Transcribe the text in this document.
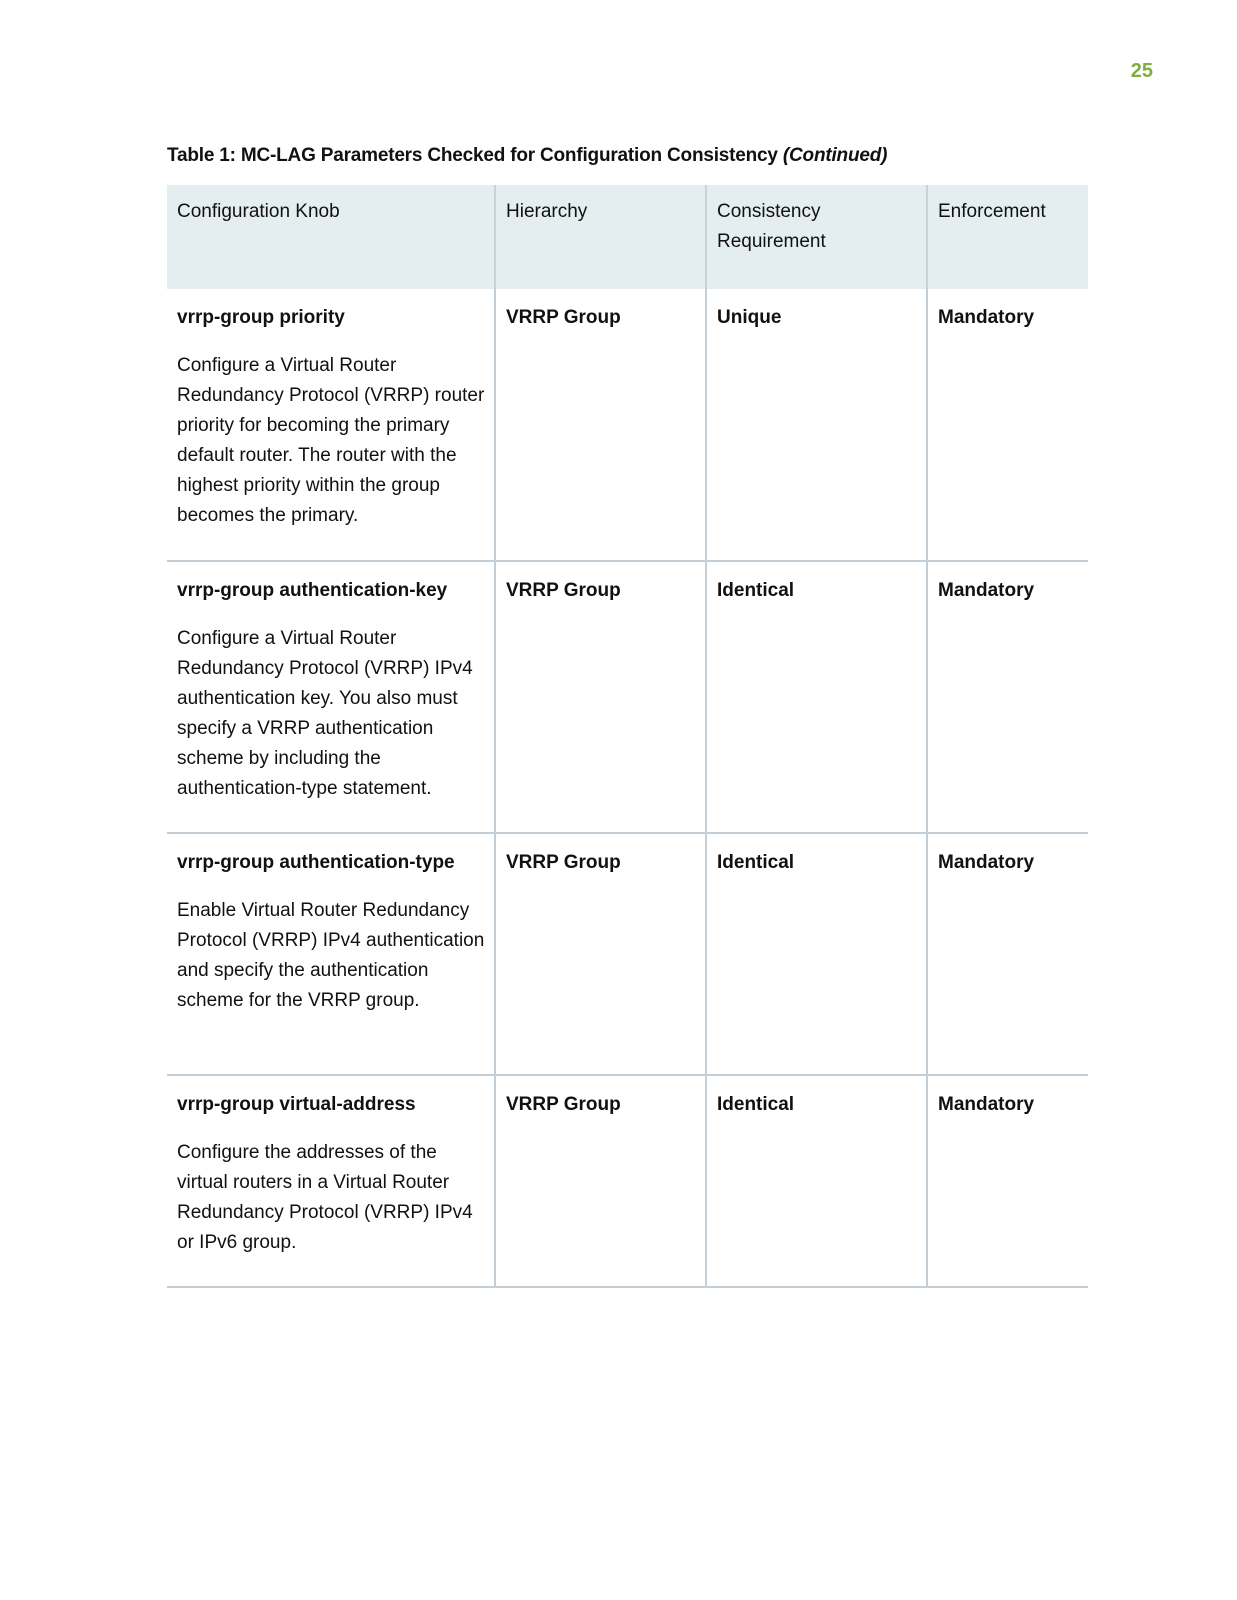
25
Table 1: MC-LAG Parameters Checked for Configuration Consistency (Continued)
Configuration Knob	Hierarchy	Consistency Requirement	Enforcement

vrrp-group priority
Configure a Virtual Router Redundancy Protocol (VRRP) router priority for becoming the primary default router. The router with the highest priority within the group becomes the primary.	VRRP Group	Unique	Mandatory

vrrp-group authentication-key
Configure a Virtual Router Redundancy Protocol (VRRP) IPv4 authentication key. You also must specify a VRRP authentication scheme by including the authentication-type statement.	VRRP Group	Identical	Mandatory

vrrp-group authentication-type
Enable Virtual Router Redundancy Protocol (VRRP) IPv4 authentication and specify the authentication scheme for the VRRP group.	VRRP Group	Identical	Mandatory

vrrp-group virtual-address
Configure the addresses of the virtual routers in a Virtual Router Redundancy Protocol (VRRP) IPv4 or IPv6 group.	VRRP Group	Identical	Mandatory
